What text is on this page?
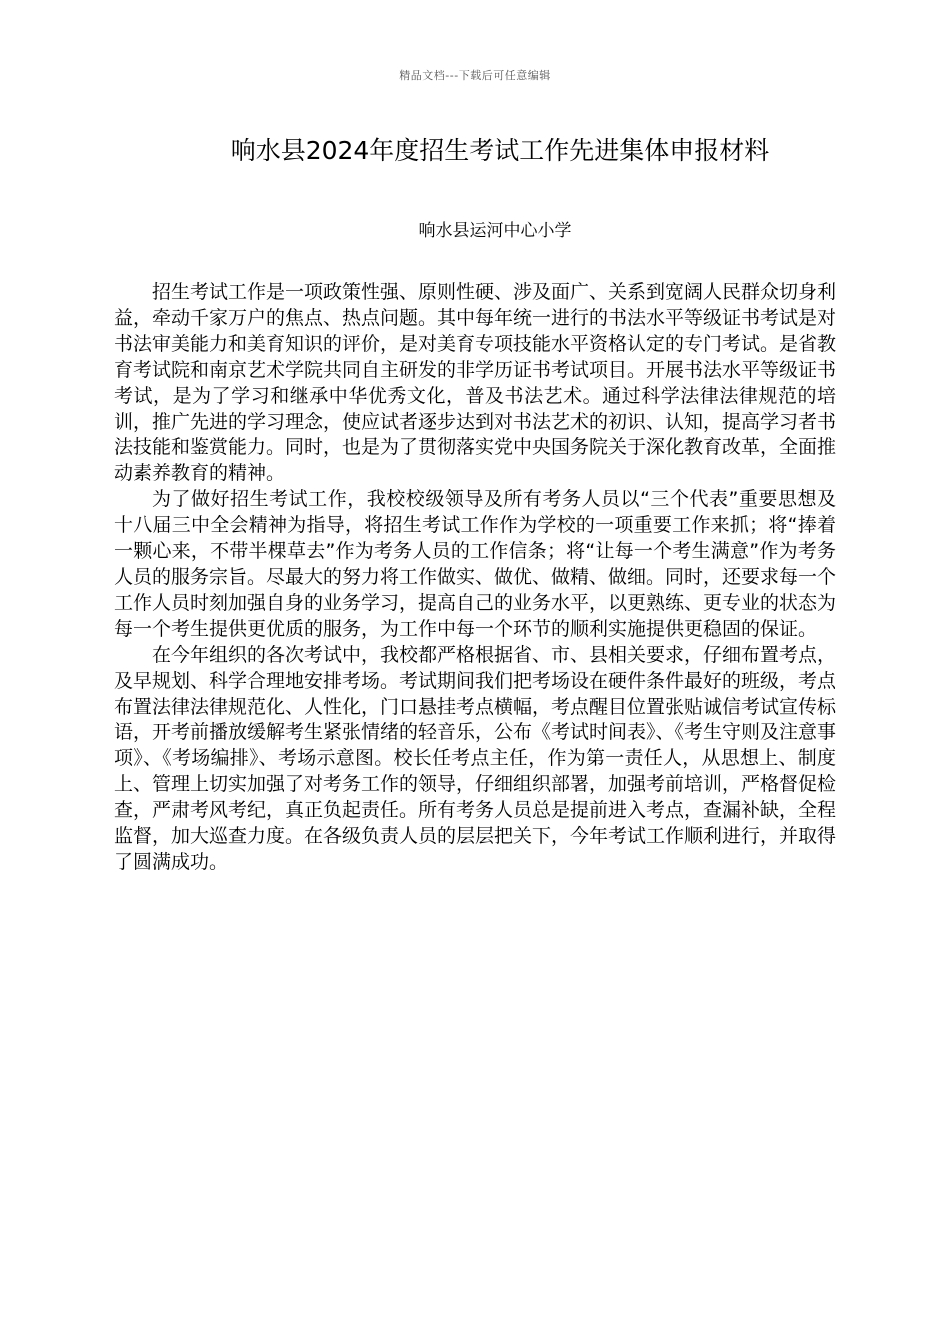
精品文档---下载后可任意编辑
响水县2024年度招生考试工作先进集体申报材料
响水县运河中心小学

招生考试工作是一项政策性强、原则性硬、涉及面广、关系到宽阔人民群众切身利益，牵动千家万户的焦点、热点问题。其中每年统一进行的书法水平等级证书考试是对书法审美能力和美育知识的评价，是对美育专项技能水平资格认定的专门考试。是省教育考试院和南京艺术学院共同自主研发的非学历证书考试项目。开展书法水平等级证书考试，是为了学习和继承中华优秀文化，普及书法艺术。通过科学法律法律规范的培训，推广先进的学习理念，使应试者逐步达到对书法艺术的初识、认知，提高学习者书法技能和鉴赏能力。同时，也是为了贯彻落实党中央国务院关于深化教育改革，全面推动素养教育的精神。

为了做好招生考试工作，我校校级领导及所有考务人员以“三个代表”重要思想及十八届三中全会精神为指导，将招生考试工作作为学校的一项重要工作来抓；将“捧着一颗心来，不带半棵草去”作为考务人员的工作信条；将“让每一个考生满意”作为考务人员的服务宗旨。尽最大的努力将工作做实、做优、做精、做细。同时，还要求每一个工作人员时刻加强自身的业务学习，提高自己的业务水平，以更熟练、更专业的状态为每一个考生提供更优质的服务，为工作中每一个环节的顺利实施提供更稳固的保证。

在今年组织的各次考试中，我校都严格根据省、市、县相关要求，仔细布置考点，及早规划、科学合理地安排考场。考试期间我们把考场设在硬件条件最好的班级，考点布置法律法律规范化、人性化，门口悬挂考点横幅，考点醒目位置张贴诚信考试宣传标语，开考前播放缓解考生紧张情绪的轻音乐，公布《考试时间表》、《考生守则及注意事项》、《考场编排》、考场示意图。校长任考点主任，作为第一责任人，从思想上、制度上、管理上切实加强了对考务工作的领导，仔细组织部署，加强考前培训，严格督促检查，严肃考风考纪，真正负起责任。所有考务人员总是提前进入考点，查漏补缺，全程监督，加大巡查力度。在各级负责人员的层层把关下，今年考试工作顺利进行，并取得了圆满成功。
